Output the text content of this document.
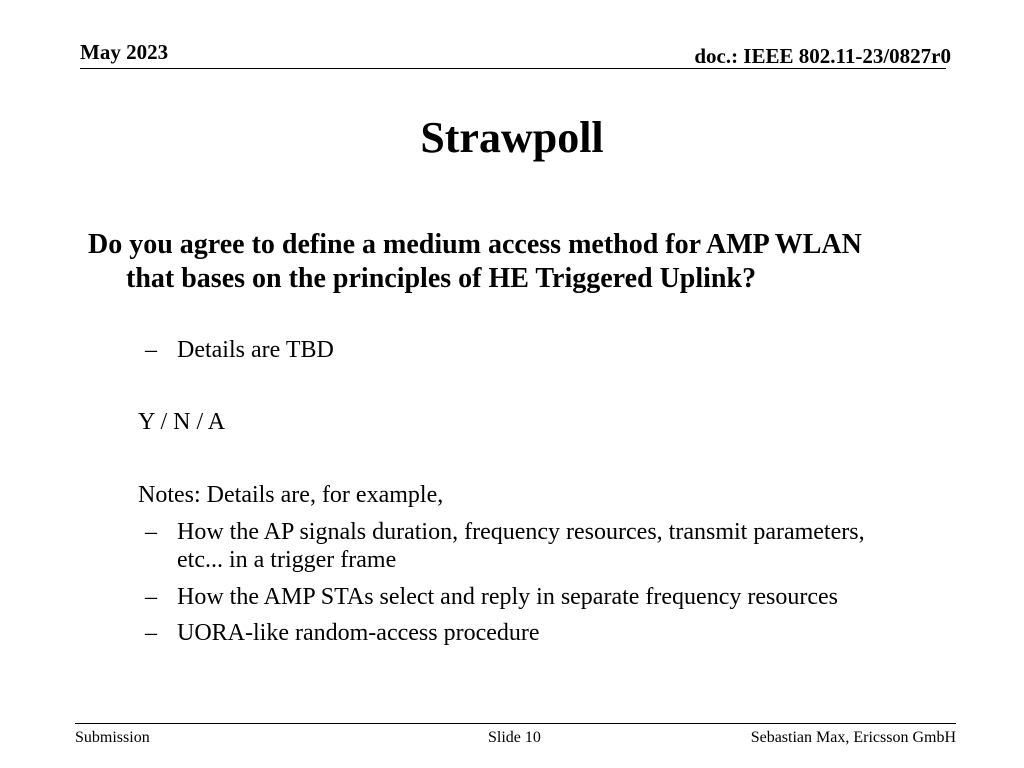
May 2023	doc.: IEEE 802.11-23/0827r0
Strawpoll
Do you agree to define a medium access method for AMP WLAN that bases on the principles of HE Triggered Uplink?
– Details are TBD
Y / N / A
Notes: Details are, for example,
– How the AP signals duration, frequency resources, transmit parameters, etc... in a trigger frame
– How the AMP STAs select and reply in separate frequency resources
– UORA-like random-access procedure
Submission	Slide 10	Sebastian Max, Ericsson GmbH
